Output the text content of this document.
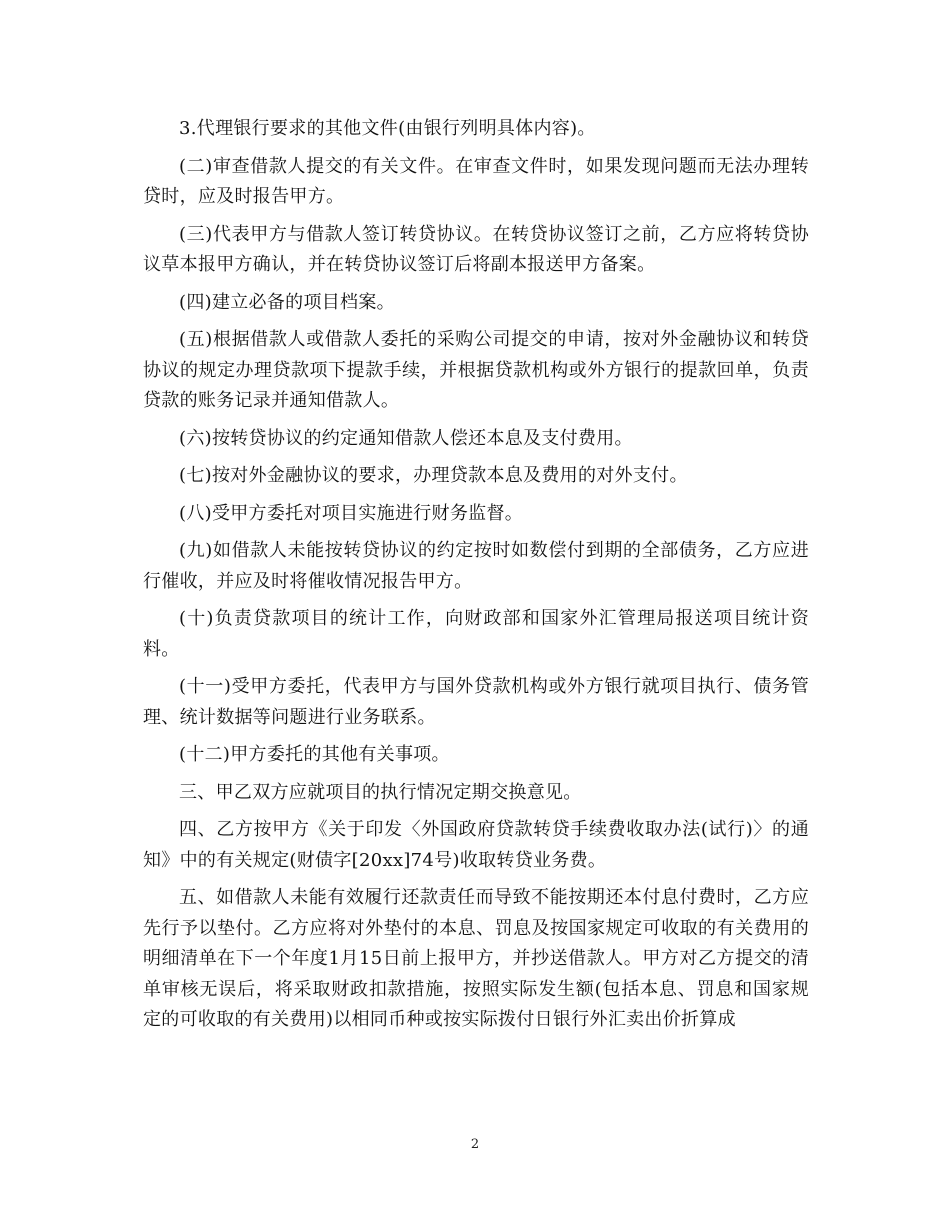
3.代理银行要求的其他文件(由银行列明具体内容)。

(二)审查借款人提交的有关文件。在审查文件时，如果发现问题而无法办理转贷时，应及时报告甲方。

(三)代表甲方与借款人签订转贷协议。在转贷协议签订之前，乙方应将转贷协议草本报甲方确认，并在转贷协议签订后将副本报送甲方备案。

(四)建立必备的项目档案。

(五)根据借款人或借款人委托的采购公司提交的申请，按对外金融协议和转贷协议的规定办理贷款项下提款手续，并根据贷款机构或外方银行的提款回单，负责贷款的账务记录并通知借款人。

(六)按转贷协议的约定通知借款人偿还本息及支付费用。

(七)按对外金融协议的要求，办理贷款本息及费用的对外支付。

(八)受甲方委托对项目实施进行财务监督。

(九)如借款人未能按转贷协议的约定按时如数偿付到期的全部债务，乙方应进行催收，并应及时将催收情况报告甲方。

(十)负责贷款项目的统计工作，向财政部和国家外汇管理局报送项目统计资料。

(十一)受甲方委托，代表甲方与国外贷款机构或外方银行就项目执行、债务管理、统计数据等问题进行业务联系。

(十二)甲方委托的其他有关事项。

三、甲乙双方应就项目的执行情况定期交换意见。

四、乙方按甲方《关于印发〈外国政府贷款转贷手续费收取办法(试行)〉的通知》中的有关规定(财债字[20xx]74号)收取转贷业务费。

五、如借款人未能有效履行还款责任而导致不能按期还本付息付费时，乙方应先行予以垫付。乙方应将对外垫付的本息、罚息及按国家规定可收取的有关费用的明细清单在下一个年度1月15日前上报甲方，并抄送借款人。甲方对乙方提交的清单审核无误后，将采取财政扣款措施，按照实际发生额(包括本息、罚息和国家规定的可收取的有关费用)以相同币种或按实际拨付日银行外汇卖出价折算成

2
